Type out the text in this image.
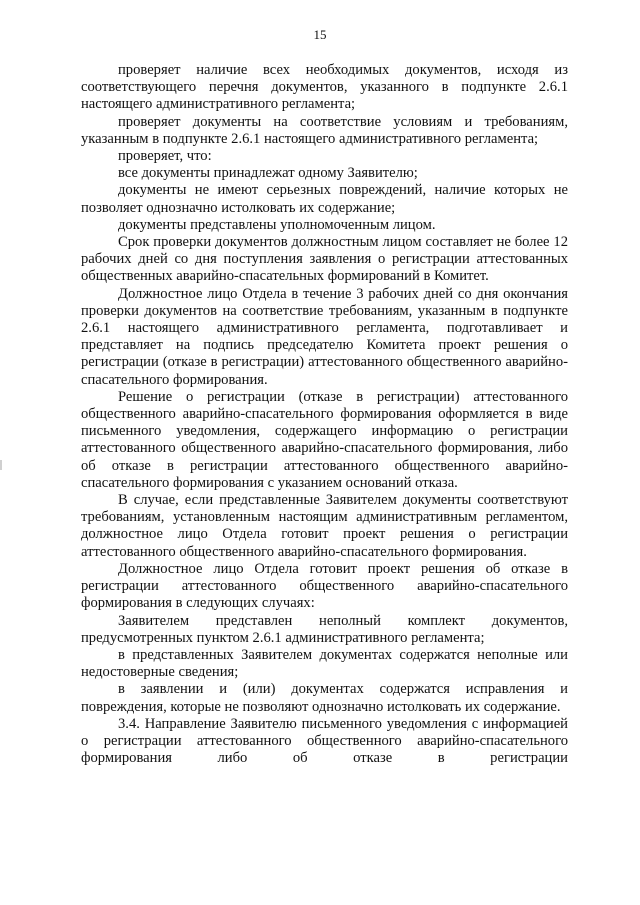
15

проверяет наличие всех необходимых документов, исходя из соответствующего перечня документов, указанного в подпункте 2.6.1 настоящего административного регламента;

проверяет документы на соответствие условиям и требованиям, указанным в подпункте 2.6.1 настоящего административного регламента;

проверяет, что:

все документы принадлежат одному Заявителю;

документы не имеют серьезных повреждений, наличие которых не позволяет однозначно истолковать их содержание;

документы представлены уполномоченным лицом.

Срок проверки документов должностным лицом составляет не более 12 рабочих дней со дня поступления заявления о регистрации аттестованных общественных аварийно-спасательных формирований в Комитет.

Должностное лицо Отдела в течение 3 рабочих дней со дня окончания проверки документов на соответствие требованиям, указанным в подпункте 2.6.1 настоящего административного регламента, подготавливает и представляет на подпись председателю Комитета проект решения о регистрации (отказе в регистрации) аттестованного общественного аварийно-спасательного формирования.

Решение о регистрации (отказе в регистрации) аттестованного общественного аварийно-спасательного формирования оформляется в виде письменного уведомления, содержащего информацию о регистрации аттестованного общественного аварийно-спасательного формирования, либо об отказе в регистрации аттестованного общественного аварийно-спасательного формирования с указанием оснований отказа.

В случае, если представленные Заявителем документы соответствуют требованиям, установленным настоящим административным регламентом, должностное лицо Отдела готовит проект решения о регистрации аттестованного общественного аварийно-спасательного формирования.

Должностное лицо Отдела готовит проект решения об отказе в регистрации аттестованного общественного аварийно-спасательного формирования в следующих случаях:

Заявителем представлен неполный комплект документов, предусмотренных пунктом 2.6.1 административного регламента;

в представленных Заявителем документах содержатся неполные или недостоверные сведения;

в заявлении и (или) документах содержатся исправления и повреждения, которые не позволяют однозначно истолковать их содержание.

3.4. Направление Заявителю письменного уведомления с информацией о регистрации аттестованного общественного аварийно-спасательного формирования либо об отказе в регистрации
